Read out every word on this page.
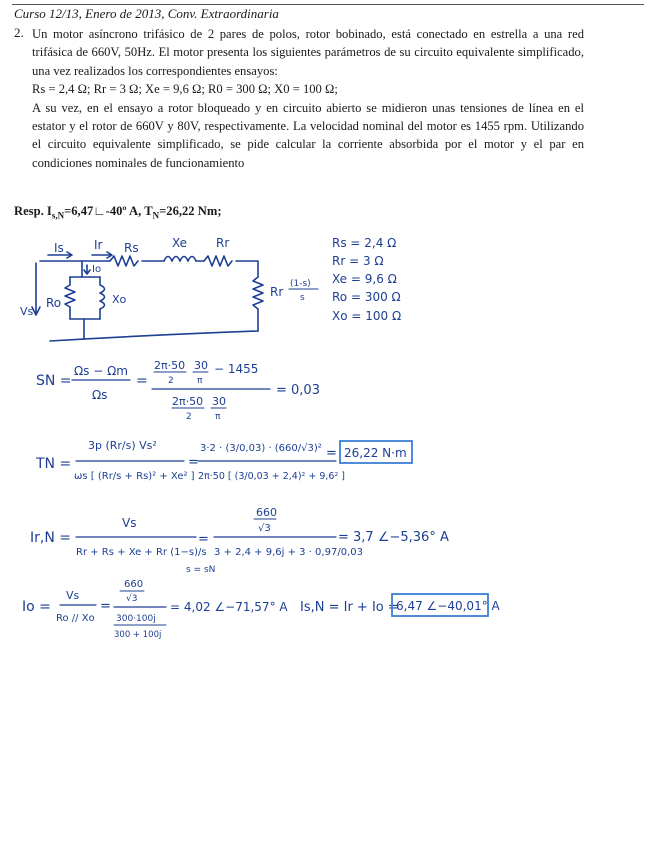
Curso 12/13, Enero de 2013, Conv. Extraordinaria
2. Un motor asíncrono trifásico de 2 pares de polos, rotor bobinado, está conectado en estrella a una red trifásica de 660V, 50Hz. El motor presenta los siguientes parámetros de su circuito equivalente simplificado, una vez realizados los correspondientes ensayos:

Rs = 2,4 Ω; Rr = 3 Ω; Xe = 9,6 Ω; R0 = 300 Ω; X0 = 100 Ω;

A su vez, en el ensayo a rotor bloqueado y en circuito abierto se midieron unas tensiones de línea en el estator y el rotor de 660V y 80V, respectivamente. La velocidad nominal del motor es 1455 rpm. Utilizando el circuito equivalente simplificado, se pide calcular la corriente absorbida por el motor y el par en condiciones nominales de funcionamiento

Resp. $I_{s,N}=6,47∟-40º$ A, $T_N=26,22$ Nm;
Is	Ir
Io
Rs	Xe Rr
Ro	Xo
Vs
Rr
(1-s)
s
Rs = 2,4 Ω
Rr = 3 Ω
Xe = 9,6 Ω
Ro = 300 Ω
Xo = 100 Ω
SN =
Ωs − Ωm
Ωs
=
2π·50
2
30
π
− 1455
2π·50
2
30
π
= 0,03
TN =
3p (Rr/s) Vs²
ωs [ (Rr/s + Rs)² + Xe² ]
=
3·2 · (3/0,03) · (660/√3)²
2π·50 [ (3/0,03 + 2,4)² + 9,6² ]
= 26,22 N·m
Ir,N =
Vs
Rr + Rs + Xe + Rr (1−s)/s
=
s = sN
660
√3
3 + 2,4 + 9,6j + 3 · 0,97/0,03
= 3,7 ∠−5,36° A
Io =
Vs
Ro // Xo
=
660
√3
300·100j
300 + 100j
= 4,02 ∠−71,57° A Is,N = Ir + Io =
6,47 ∠−40,01° A
